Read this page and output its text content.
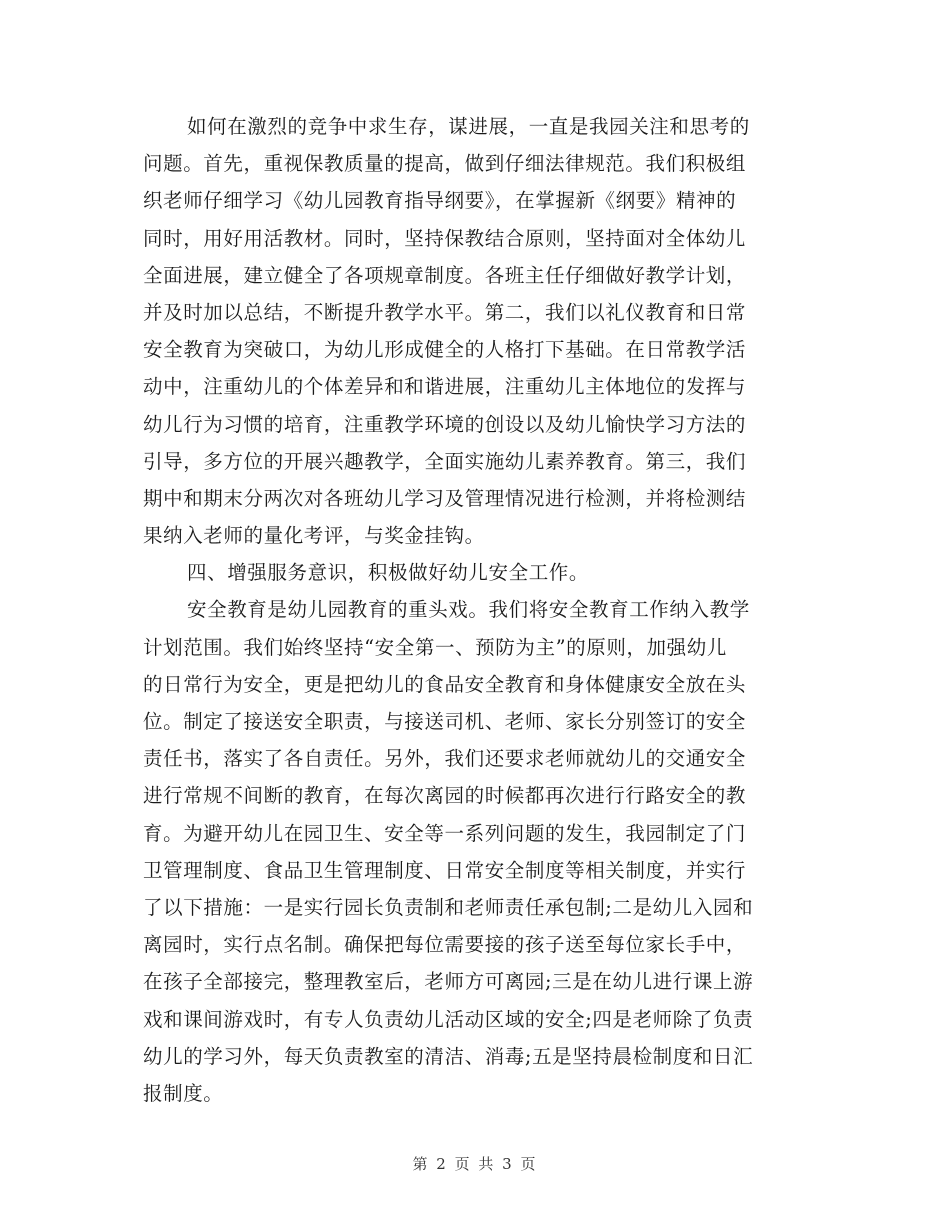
如何在激烈的竞争中求生存，谋进展，一直是我园关注和思考的
问题。首先，重视保教质量的提高，做到仔细法律规范。我们积极组
织老师仔细学习《幼儿园教育指导纲要》，在掌握新《纲要》精神的
同时，用好用活教材。同时，坚持保教结合原则，坚持面对全体幼儿
全面进展，建立健全了各项规章制度。各班主任仔细做好教学计划，
并及时加以总结，不断提升教学水平。第二，我们以礼仪教育和日常
安全教育为突破口，为幼儿形成健全的人格打下基础。在日常教学活
动中，注重幼儿的个体差异和和谐进展，注重幼儿主体地位的发挥与
幼儿行为习惯的培育，注重教学环境的创设以及幼儿愉快学习方法的
引导，多方位的开展兴趣教学，全面实施幼儿素养教育。第三，我们
期中和期末分两次对各班幼儿学习及管理情况进行检测，并将检测结
果纳入老师的量化考评，与奖金挂钩。
四、增强服务意识，积极做好幼儿安全工作。
安全教育是幼儿园教育的重头戏。我们将安全教育工作纳入教学
计划范围。我们始终坚持“安全第一、预防为主”的原则，加强幼儿
的日常行为安全，更是把幼儿的食品安全教育和身体健康安全放在头
位。制定了接送安全职责，与接送司机、老师、家长分别签订的安全
责任书，落实了各自责任。另外，我们还要求老师就幼儿的交通安全
进行常规不间断的教育，在每次离园的时候都再次进行行路安全的教
育。为避开幼儿在园卫生、安全等一系列问题的发生，我园制定了门
卫管理制度、食品卫生管理制度、日常安全制度等相关制度，并实行
了以下措施：一是实行园长负责制和老师责任承包制;二是幼儿入园和
离园时，实行点名制。确保把每位需要接的孩子送至每位家长手中，
在孩子全部接完，整理教室后，老师方可离园;三是在幼儿进行课上游
戏和课间游戏时，有专人负责幼儿活动区域的安全;四是老师除了负责
幼儿的学习外，每天负责教室的清洁、消毒;五是坚持晨检制度和日汇
报制度。
第 2 页 共 3 页
